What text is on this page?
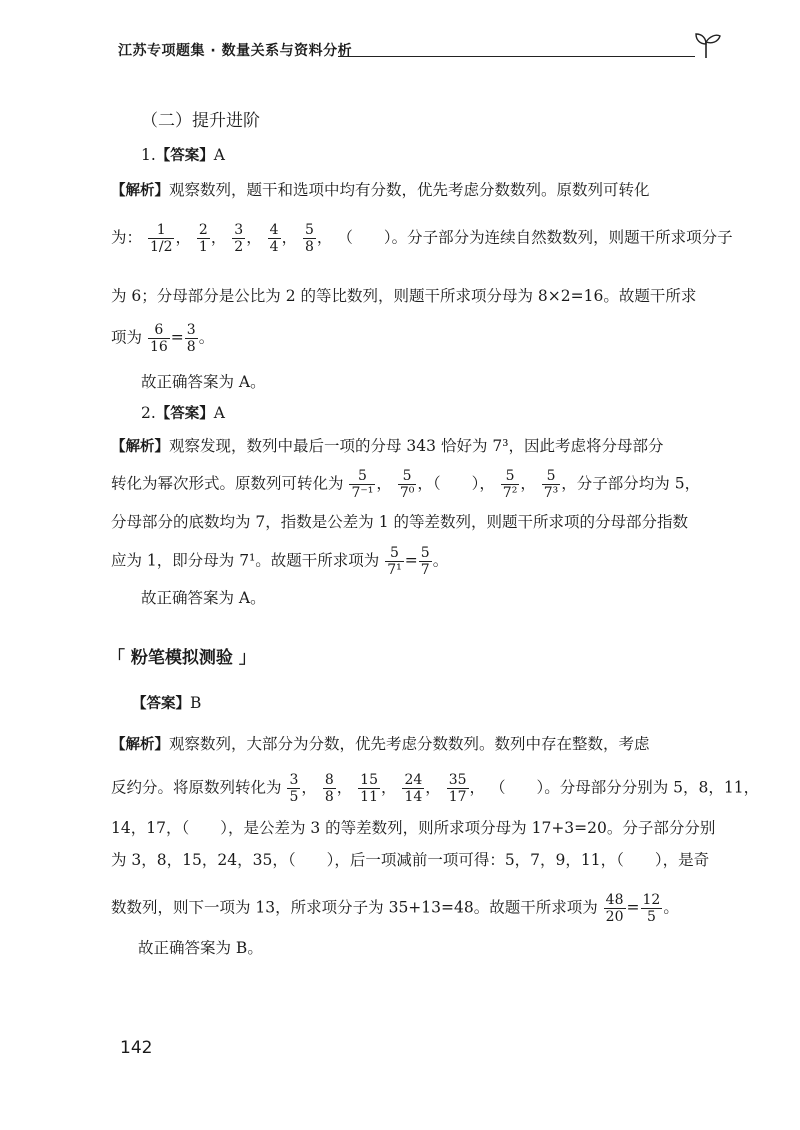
江苏专项题集 · 数量关系与资料分析
（二）提升进阶
1.【答案】A
【解析】观察数列，题干和选项中均有分数，优先考虑分数数列。原数列可转化
为： $\frac{1}{1/2}$ ， $\frac{2}{1}$ ， $\frac{3}{2}$ ， $\frac{4}{4}$ ， $\frac{5}{8}$ ， （　　）。分子部分为连续自然数数列，则题干所求项分子
为 6；分母部分是公比为 2 的等比数列，则题干所求项分母为 8×2=16。故题干所求
项为 $\frac{6}{16} = \frac{3}{8}$ 。
故正确答案为 A。
2.【答案】A
【解析】观察发现，数列中最后一项的分母 343 恰好为 7³，因此考虑将分母部分
转化为幂次形式。原数列可转化为 $\frac{5}{\text{7⁻¹}}$ ， $\frac{5}{\text{7⁰}}$ ，（　　）， $\frac{5}{\text{7²}}$ ， $\frac{5}{\text{7³}}$ ，分子部分均为 5，
分母部分的底数均为 7，指数是公差为 1 的等差数列，则题干所求项的分母部分指数
应为 1，即分母为 7¹。故题干所求项为 $\frac{5}{\text{7¹}} = \frac{5}{7}$ 。
故正确答案为 A。
「 粉笔模拟测验 」
【答案】B
【解析】观察数列，大部分为分数，优先考虑分数数列。数列中存在整数，考虑
反约分。将原数列转化为 $\frac{3}{5}$ ， $\frac{8}{8}$ ， $\frac{15}{11}$ ， $\frac{24}{14}$ ， $\frac{35}{17}$ ， （　　）。分母部分分别为 5，8，11，
14，17，（　　），是公差为 3 的等差数列，则所求项分母为 17+3=20。分子部分分别
为 3，8，15，24，35，（　　），后一项减前一项可得：5，7，9，11，（　　），是奇
数数列，则下一项为 13，所求项分子为 35+13=48。故题干所求项为 $\frac{48}{20} = \frac{12}{5}$ 。
故正确答案为 B。
142
